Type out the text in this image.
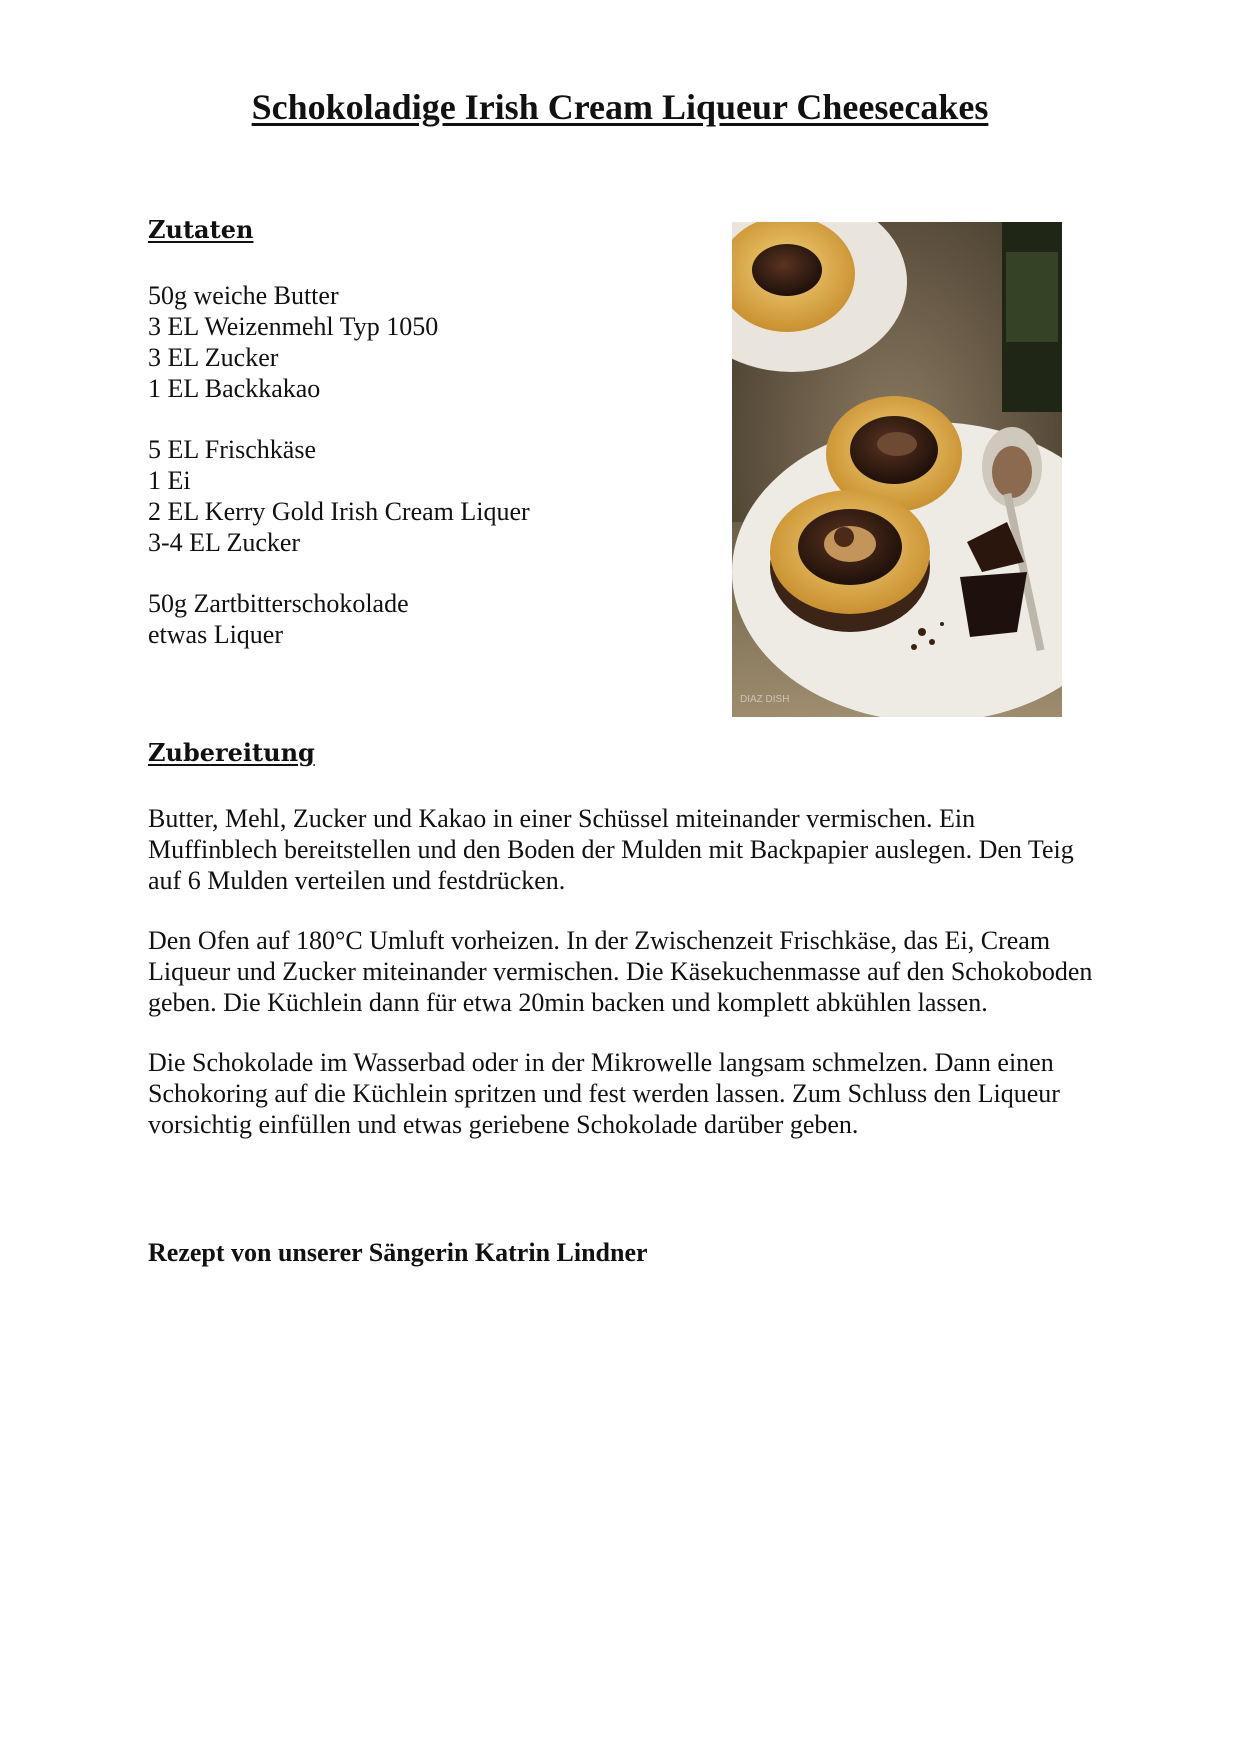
Schokoladige Irish Cream Liqueur Cheesecakes
Zutaten
50g weiche Butter
3 EL Weizenmehl Typ 1050
3 EL Zucker
1 EL Backkakao
5 EL Frischkäse
1 Ei
2 EL Kerry Gold Irish Cream Liquer
3-4 EL Zucker
50g Zartbitterschokolade
etwas Liquer
DIAZ DISH
Zubereitung

Butter, Mehl, Zucker und Kakao in einer Schüssel miteinander vermischen. Ein Muffinblech bereitstellen und den Boden der Mulden mit Backpapier auslegen. Den Teig auf 6 Mulden verteilen und festdrücken.

Den Ofen auf 180°C Umluft vorheizen. In der Zwischenzeit Frischkäse, das Ei, Cream Liqueur und Zucker miteinander vermischen. Die Käsekuchenmasse auf den Schokoboden geben. Die Küchlein dann für etwa 20min backen und komplett abkühlen lassen.

Die Schokolade im Wasserbad oder in der Mikrowelle langsam schmelzen. Dann einen Schokoring auf die Küchlein spritzen und fest werden lassen. Zum Schluss den Liqueur vorsichtig einfüllen und etwas geriebene Schokolade darüber geben.

Rezept von unserer Sängerin Katrin Lindner
